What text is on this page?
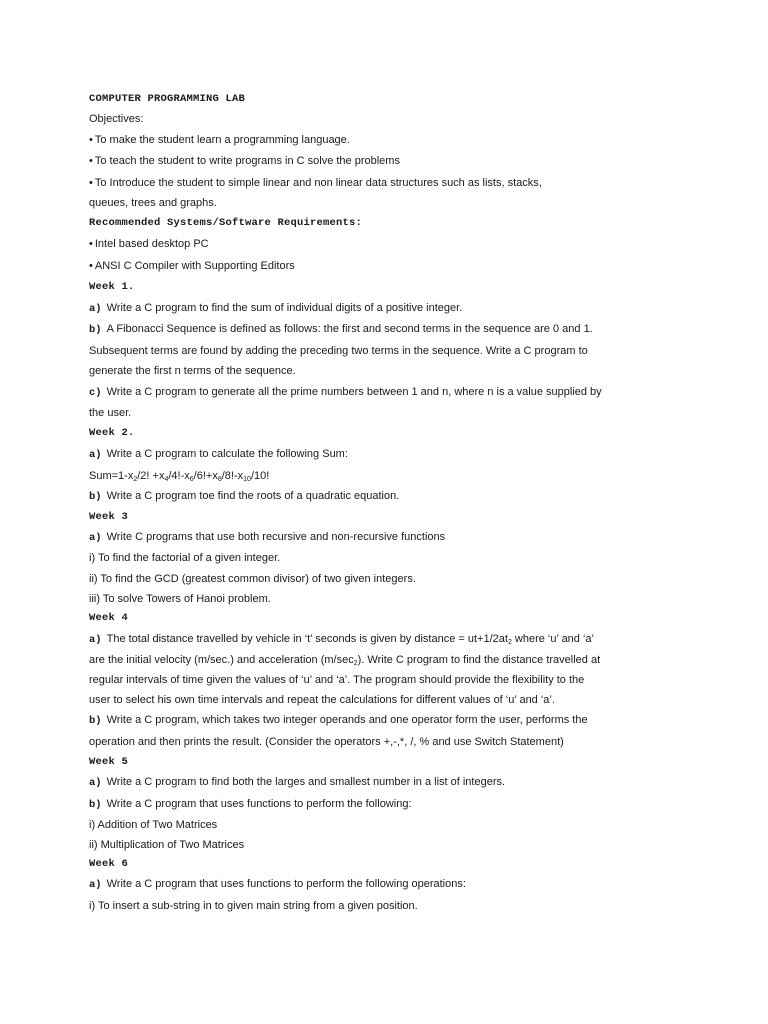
COMPUTER PROGRAMMING LAB
Objectives:
• To make the student learn a programming language.
• To teach the student to write programs in C solve the problems
• To Introduce the student to simple linear and non linear data structures such as lists, stacks,
queues, trees and graphs.
Recommended Systems/Software Requirements:
• Intel based desktop PC
• ANSI C Compiler with Supporting Editors
Week 1.
a) Write a C program to find the sum of individual digits of a positive integer.
b) A Fibonacci Sequence is defined as follows: the first and second terms in the sequence are 0 and 1.
Subsequent terms are found by adding the preceding two terms in the sequence. Write a C program to
generate the first n terms of the sequence.
c) Write a C program to generate all the prime numbers between 1 and n, where n is a value supplied by
the user.
Week 2.
a) Write a C program to calculate the following Sum:
$Sum=1-x_2/2$! $+x_4/4!-x_6/6!+x_8/8!-x_{10}/10$!
b) Write a C program toe find the roots of a quadratic equation.
Week 3
a) Write C programs that use both recursive and non-recursive functions
i) To find the factorial of a given integer.
ii) To find the GCD (greatest common divisor) of two given integers.
iii) To solve Towers of Hanoi problem.
Week 4
a) The total distance travelled by vehicle in ‘t’ seconds is given by distance = $ut+1/2at_2$ where ‘u’ and ‘a’
are the initial velocity (m/sec.) and acceleration $(m/\sec_2)$. Write C program to find the distance travelled at
regular intervals of time given the values of ‘u’ and ‘a’. The program should provide the flexibility to the
user to select his own time intervals and repeat the calculations for different values of ‘u’ and ‘a’.
b) Write a C program, which takes two integer operands and one operator form the user, performs the
operation and then prints the result. (Consider the operators +,-,*, /, % and use Switch Statement)
Week 5
a) Write a C program to find both the larges and smallest number in a list of integers.
b) Write a C program that uses functions to perform the following:
i) Addition of Two Matrices
ii) Multiplication of Two Matrices
Week 6
a) Write a C program that uses functions to perform the following operations:
i) To insert a sub-string in to given main string from a given position.
